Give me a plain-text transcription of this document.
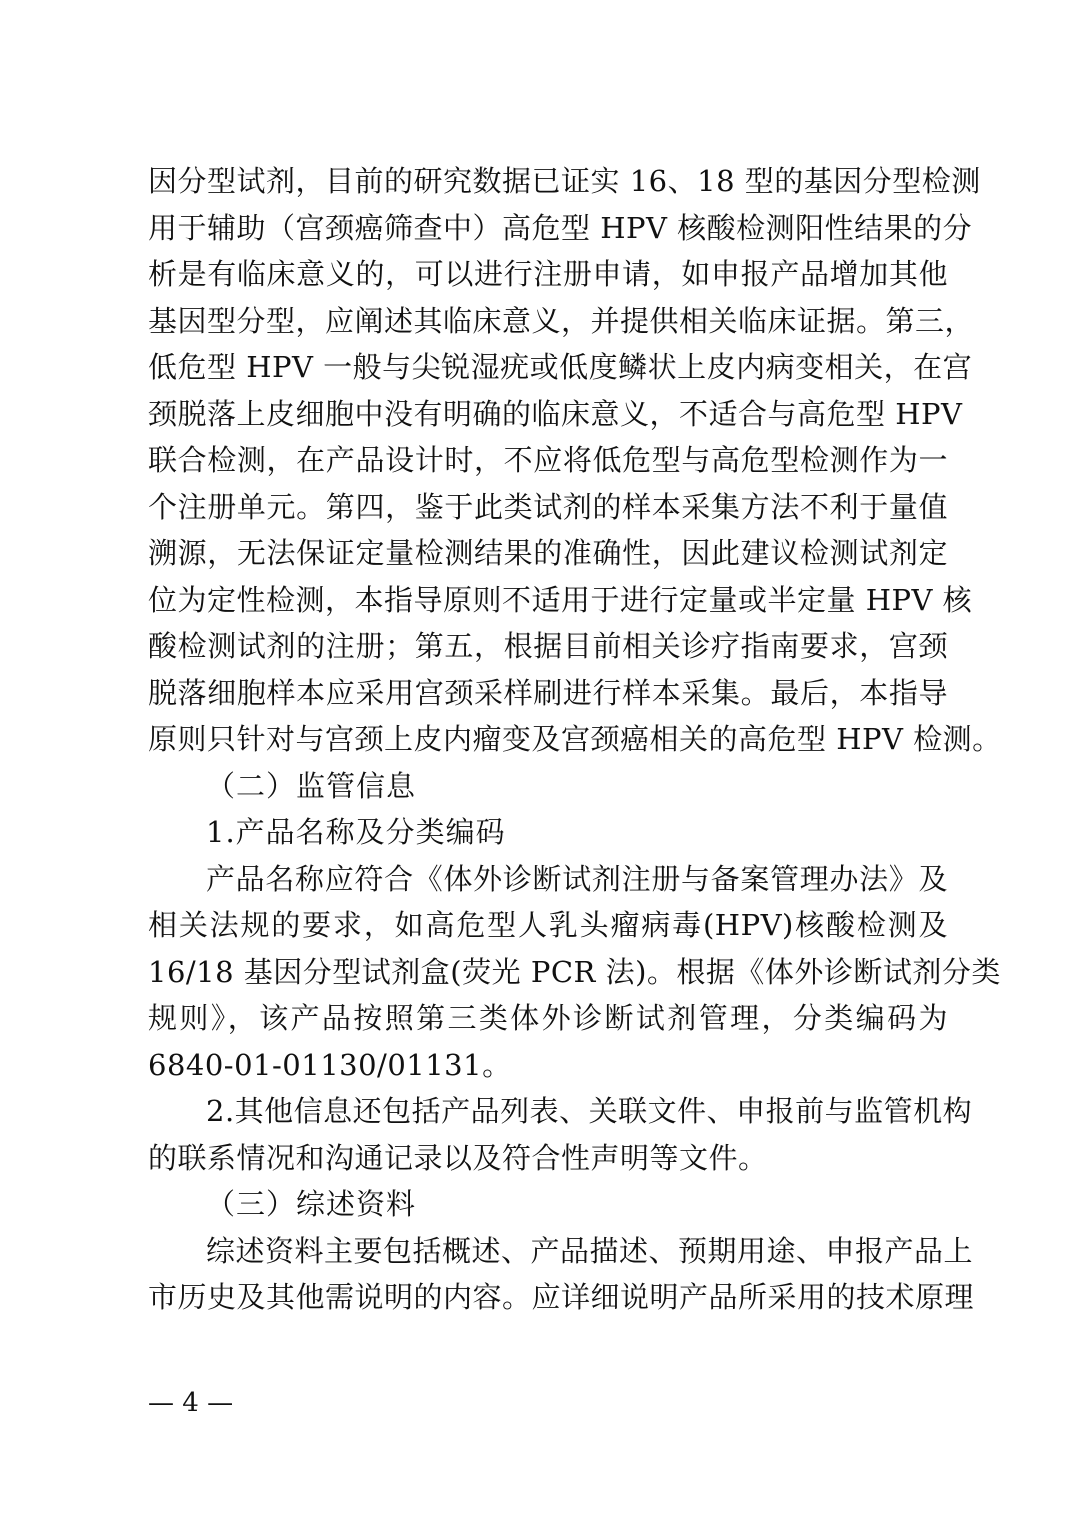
因分型试剂，目前的研究数据已证实 16、18 型的基因分型检测
用于辅助（宫颈癌筛查中）高危型 HPV 核酸检测阳性结果的分
析是有临床意义的，可以进行注册申请，如申报产品增加其他
基因型分型，应阐述其临床意义，并提供相关临床证据。第三，
低危型 HPV 一般与尖锐湿疣或低度鳞状上皮内病变相关，在宫
颈脱落上皮细胞中没有明确的临床意义，不适合与高危型 HPV
联合检测，在产品设计时，不应将低危型与高危型检测作为一
个注册单元。第四，鉴于此类试剂的样本采集方法不利于量值
溯源，无法保证定量检测结果的准确性，因此建议检测试剂定
位为定性检测，本指导原则不适用于进行定量或半定量 HPV 核
酸检测试剂的注册；第五，根据目前相关诊疗指南要求，宫颈
脱落细胞样本应采用宫颈采样刷进行样本采集。最后，本指导
原则只针对与宫颈上皮内瘤变及宫颈癌相关的高危型 HPV 检测。
（二）监管信息
1.产品名称及分类编码
产品名称应符合《体外诊断试剂注册与备案管理办法》及
相关法规的要求，如高危型人乳头瘤病毒(HPV)核酸检测及
16/18 基因分型试剂盒(荧光 PCR 法)。根据《体外诊断试剂分类
规则》，该产品按照第三类体外诊断试剂管理，分类编码为
6840-01-01130/01131。
2.其他信息还包括产品列表、关联文件、申报前与监管机构
的联系情况和沟通记录以及符合性声明等文件。
（三）综述资料
综述资料主要包括概述、产品描述、预期用途、申报产品上
市历史及其他需说明的内容。应详细说明产品所采用的技术原理
— 4 —
